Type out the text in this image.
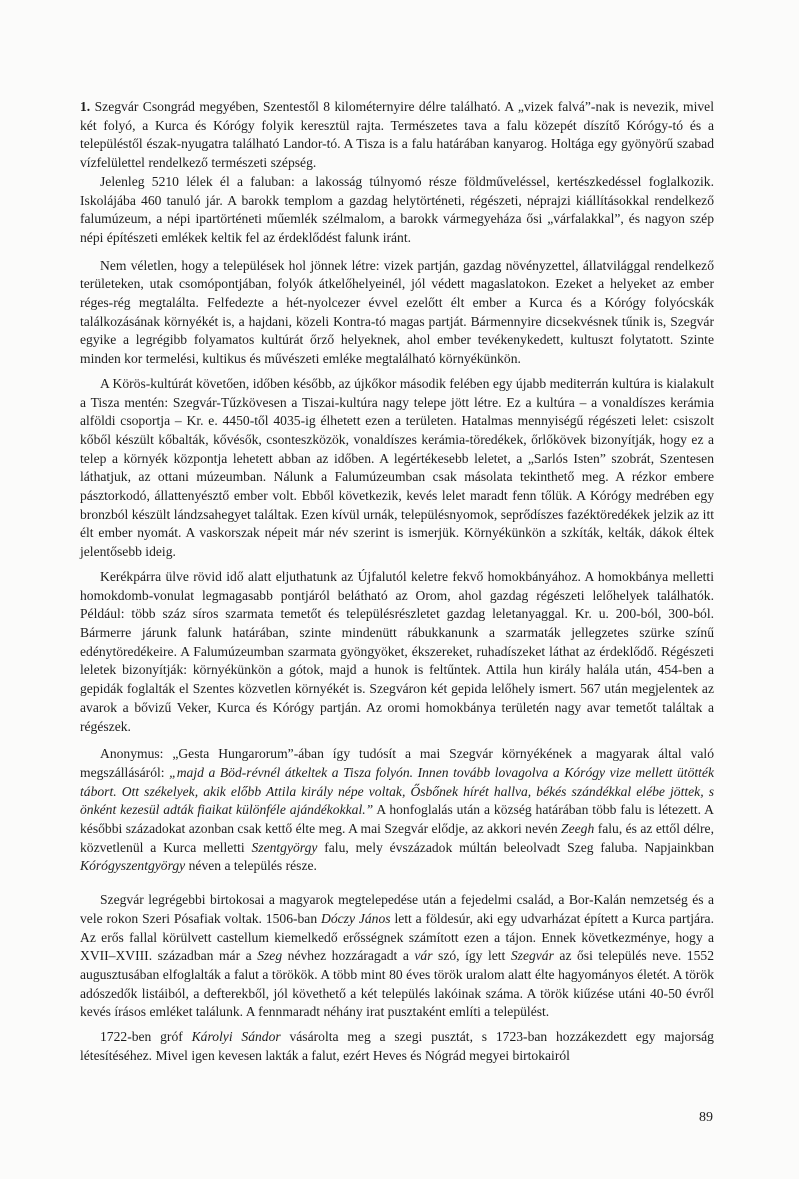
1. Szegvár Csongrád megyében, Szentestől 8 kilométernyire délre található. A „vizek falvá”-nak is nevezik, mivel két folyó, a Kurca és Kórógy folyik keresztül rajta. Természetes tava a falu közepét díszítő Kórógy-tó és a településtől észak-nyugatra található Landor-tó. A Tisza is a falu határában kanyarog. Holtága egy gyönyörű szabad vízfelülettel rendelkező természeti szépség.

Jelenleg 5210 lélek él a faluban: a lakosság túlnyomó része földműveléssel, kertészkedéssel foglalkozik. Iskolájába 460 tanuló jár. A barokk templom a gazdag helytörténeti, régészeti, néprajzi kiállításokkal rendelkező falumúzeum, a népi ipartörténeti műemlék szélmalom, a barokk vármegyeháza ősi „várfalakkal”, és nagyon szép népi építészeti emlékek keltik fel az érdeklődést falunk iránt.

Nem véletlen, hogy a települések hol jönnek létre: vizek partján, gazdag növényzettel, állatvilággal rendelkező területeken, utak csomópontjában, folyók átkelőhelyeinél, jól védett magaslatokon. Ezeket a helyeket az ember réges-rég megtalálta. Felfedezte a hét-nyolcezer évvel ezelőtt élt ember a Kurca és a Kórógy folyócskák találkozásának környékét is, a hajdani, közeli Kontra-tó magas partját. Bármennyire dicsekvésnek tűnik is, Szegvár egyike a legrégibb folyamatos kultúrát őrző helyeknek, ahol ember tevékenykedett, kultuszt folytatott. Szinte minden kor termelési, kultikus és művészeti emléke megtalálható környékünkön.

A Körös-kultúrát követően, időben később, az újkőkor második felében egy újabb mediterrán kultúra is kialakult a Tisza mentén: Szegvár-Tűzkövesen a Tiszai-kultúra nagy telepe jött létre. Ez a kultúra – a vonaldíszes kerámia alföldi csoportja – Kr. e. 4450-től 4035-ig élhetett ezen a területen. Hatalmas mennyiségű régészeti lelet: csiszolt kőből készült kőbalták, kővésők, csonteszközök, vonaldíszes kerámia-töredékek, őrlőkövek bizonyítják, hogy ez a telep a környék központja lehetett abban az időben. A legértékesebb leletet, a „Sarlós Isten” szobrát, Szentesen láthatjuk, az ottani múzeumban. Nálunk a Falumúzeumban csak másolata tekinthető meg. A rézkor embere pásztorkodó, állattenyésztő ember volt. Ebből következik, kevés lelet maradt fenn tőlük. A Kórógy medrében egy bronzból készült lándzsahegyet találtak. Ezen kívül urnák, településnyomok, seprődíszes fazéktöredékek jelzik az itt élt ember nyomát. A vaskorszak népeit már név szerint is ismerjük. Környékünkön a szkíták, kelták, dákok éltek jelentősebb ideig.

Kerékpárra ülve rövid idő alatt eljuthatunk az Újfalutól keletre fekvő homokbányához. A homokbánya melletti homokdomb-vonulat legmagasabb pontjáról belátható az Orom, ahol gazdag régészeti lelőhelyek találhatók. Például: több száz síros szarmata temetőt és településrészletet gazdag leletanyaggal. Kr. u. 200-ból, 300-ból. Bármerre járunk falunk határában, szinte mindenütt rábukkanunk a szarmaták jellegzetes szürke színű edénytöredékeire. A Falumúzeumban szarmata gyöngyöket, ékszereket, ruhadíszeket láthat az érdeklődő. Régészeti leletek bizonyítják: környékünkön a gótok, majd a hunok is feltűntek. Attila hun király halála után, 454-ben a gepidák foglalták el Szentes közvetlen környékét is. Szegváron két gepida lelőhely ismert. 567 után megjelentek az avarok a bővizű Veker, Kurca és Kórógy partján. Az oromi homokbánya területén nagy avar temetőt találtak a régészek.

Anonymus: „Gesta Hungarorum”-ában így tudósít a mai Szegvár környékének a magyarak által való megszállásáról: „majd a Böd-révnél átkeltek a Tisza folyón. Innen tovább lovagolva a Kórógy vize mellett ütötték tábort. Ott székelyek, akik előbb Attila király népe voltak, Ősbőnek hírét hallva, békés szándékkal elébe jöttek, s önként kezesül adták fiaikat különféle ajándékokkal.” A honfoglalás után a község határában több falu is létezett. A későbbi századokat azonban csak kettő élte meg. A mai Szegvár elődje, az akkori nevén Zeegh falu, és az ettől délre, közvetlenül a Kurca melletti Szentgyörgy falu, mely évszázadok múltán beleolvadt Szeg faluba. Napjainkban Kórógyszentgyörgy néven a település része.

Szegvár legrégebbi birtokosai a magyarok megtelepedése után a fejedelmi család, a Bor-Kalán nemzetség és a vele rokon Szeri Pósafiak voltak. 1506-ban Dóczy János lett a földesúr, aki egy udvarházat épített a Kurca partjára. Az erős fallal körülvett castellum kiemelkedő erősségnek számított ezen a tájon. Ennek következménye, hogy a XVII–XVIII. században már a Szeg névhez hozzáragadt a vár szó, így lett Szegvár az ősi település neve. 1552 augusztusában elfoglalták a falut a törökök. A több mint 80 éves török uralom alatt élte hagyományos életét. A török adószedők listáiból, a defterekből, jól követhető a két település lakóinak száma. A török kiűzése utáni 40-50 évről kevés írásos emléket találunk. A fennmaradt néhány irat pusztaként említi a települést.

1722-ben gróf Károlyi Sándor vásárolta meg a szegi pusztát, s 1723-ban hozzákezdett egy majorság létesítéséhez. Mivel igen kevesen lakták a falut, ezért Heves és Nógrád megyei birtokairól

89
